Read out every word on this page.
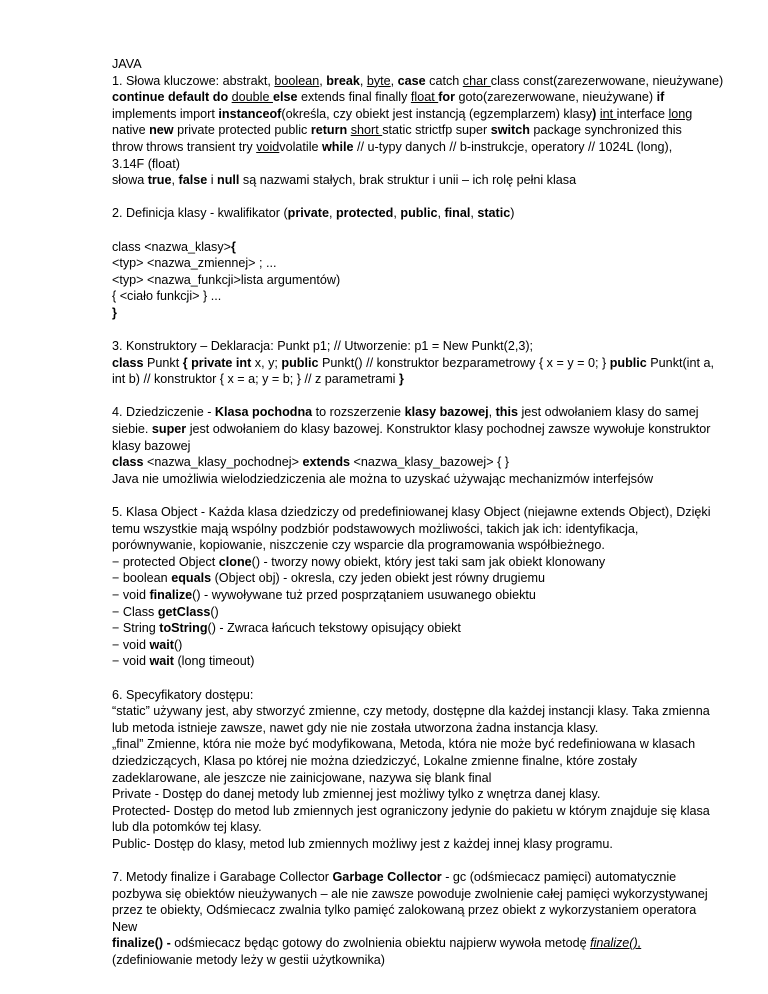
JAVA

1. Słowa kluczowe: abstrakt, boolean, break, byte, case catch char class const(zarezerwowane, nieużywane)

continue default do double else extends final finally float for goto(zarezerwowane, nieużywane) if

implements import instanceof(określa, czy obiekt jest instancją (egzemplarzem) klasy) int interface long

native new private protected public return short static strictfp super switch package synchronized this

throw throws transient try voidvolatile while // u-typy danych // b-instrukcje, operatory // 1024L (long),

3.14F (float)

słowa true, false i null są nazwami stałych, brak struktur i unii – ich rolę pełni klasa

2. Definicja klasy - kwalifikator (private, protected, public, final, static)

class <nazwa_klasy>{

<typ> <nazwa_zmiennej> ; ...

<typ> <nazwa_funkcji>lista argumentów)

{ <ciało funkcji> } ...

}

3. Konstruktory – Deklaracja: Punkt p1; // Utworzenie: p1 = New Punkt(2,3);

class Punkt { private int x, y; public Punkt() // konstruktor bezparametrowy { x = y = 0; } public Punkt(int a,

int b) // konstruktor { x = a; y = b; } // z parametrami }

4. Dziedziczenie - Klasa pochodna to rozszerzenie klasy bazowej, this jest odwołaniem klasy do samej

siebie. super jest odwołaniem do klasy bazowej. Konstruktor klasy pochodnej zawsze wywołuje konstruktor

klasy bazowej

class <nazwa_klasy_pochodnej> extends <nazwa_klasy_bazowej> { }

Java nie umożliwia wielodziedziczenia ale można to uzyskać używając mechanizmów interfejsów

5. Klasa Object - Każda klasa dziedziczy od predefiniowanej klasy Object (niejawne extends Object), Dzięki

temu wszystkie mają wspólny podzbiór podstawowych możliwości, takich jak ich: identyfikacja,

porównywanie, kopiowanie, niszczenie czy wsparcie dla programowania współbieżnego.

− protected Object clone() - tworzy nowy obiekt, który jest taki sam jak obiekt klonowany

− boolean equals (Object obj) - okresla, czy jeden obiekt jest równy drugiemu

− void finalize() - wywoływane tuż przed posprzątaniem usuwanego obiektu

− Class getClass()

− String toString() - Zwraca łańcuch tekstowy opisujący obiekt

− void wait()

− void wait (long timeout)

6. Specyfikatory dostępu:

“static” używany jest, aby stworzyć zmienne, czy metody, dostępne dla każdej instancji klasy. Taka zmienna

lub metoda istnieje zawsze, nawet gdy nie nie została utworzona żadna instancja klasy.

„final” Zmienne, która nie może być modyfikowana, Metoda, która nie może być redefiniowana w klasach

dziedziczących, Klasa po której nie można dziedziczyć, Lokalne zmienne finalne, które zostały

zadeklarowane, ale jeszcze nie zainicjowane, nazywa się blank final

Private - Dostęp do danej metody lub zmiennej jest możliwy tylko z wnętrza danej klasy.

Protected- Dostęp do metod lub zmiennych jest ograniczony jedynie do pakietu w którym znajduje się klasa

lub dla potomków tej klasy.

Public- Dostęp do klasy, metod lub zmiennych możliwy jest z każdej innej klasy programu.

7. Metody finalize i Garabage Collector Garbage Collector - gc (odśmiecacz pamięci) automatycznie

pozbywa się obiektów nieużywanych – ale nie zawsze powoduje zwolnienie całej pamięci wykorzystywanej

przez te obiekty, Odśmiecacz zwalnia tylko pamięć zalokowaną przez obiekt z wykorzystaniem operatora

New

finalize() - odśmiecacz będąc gotowy do zwolnienia obiektu najpierw wywoła metodę finalize(),

(zdefiniowanie metody leży w gestii użytkownika)
